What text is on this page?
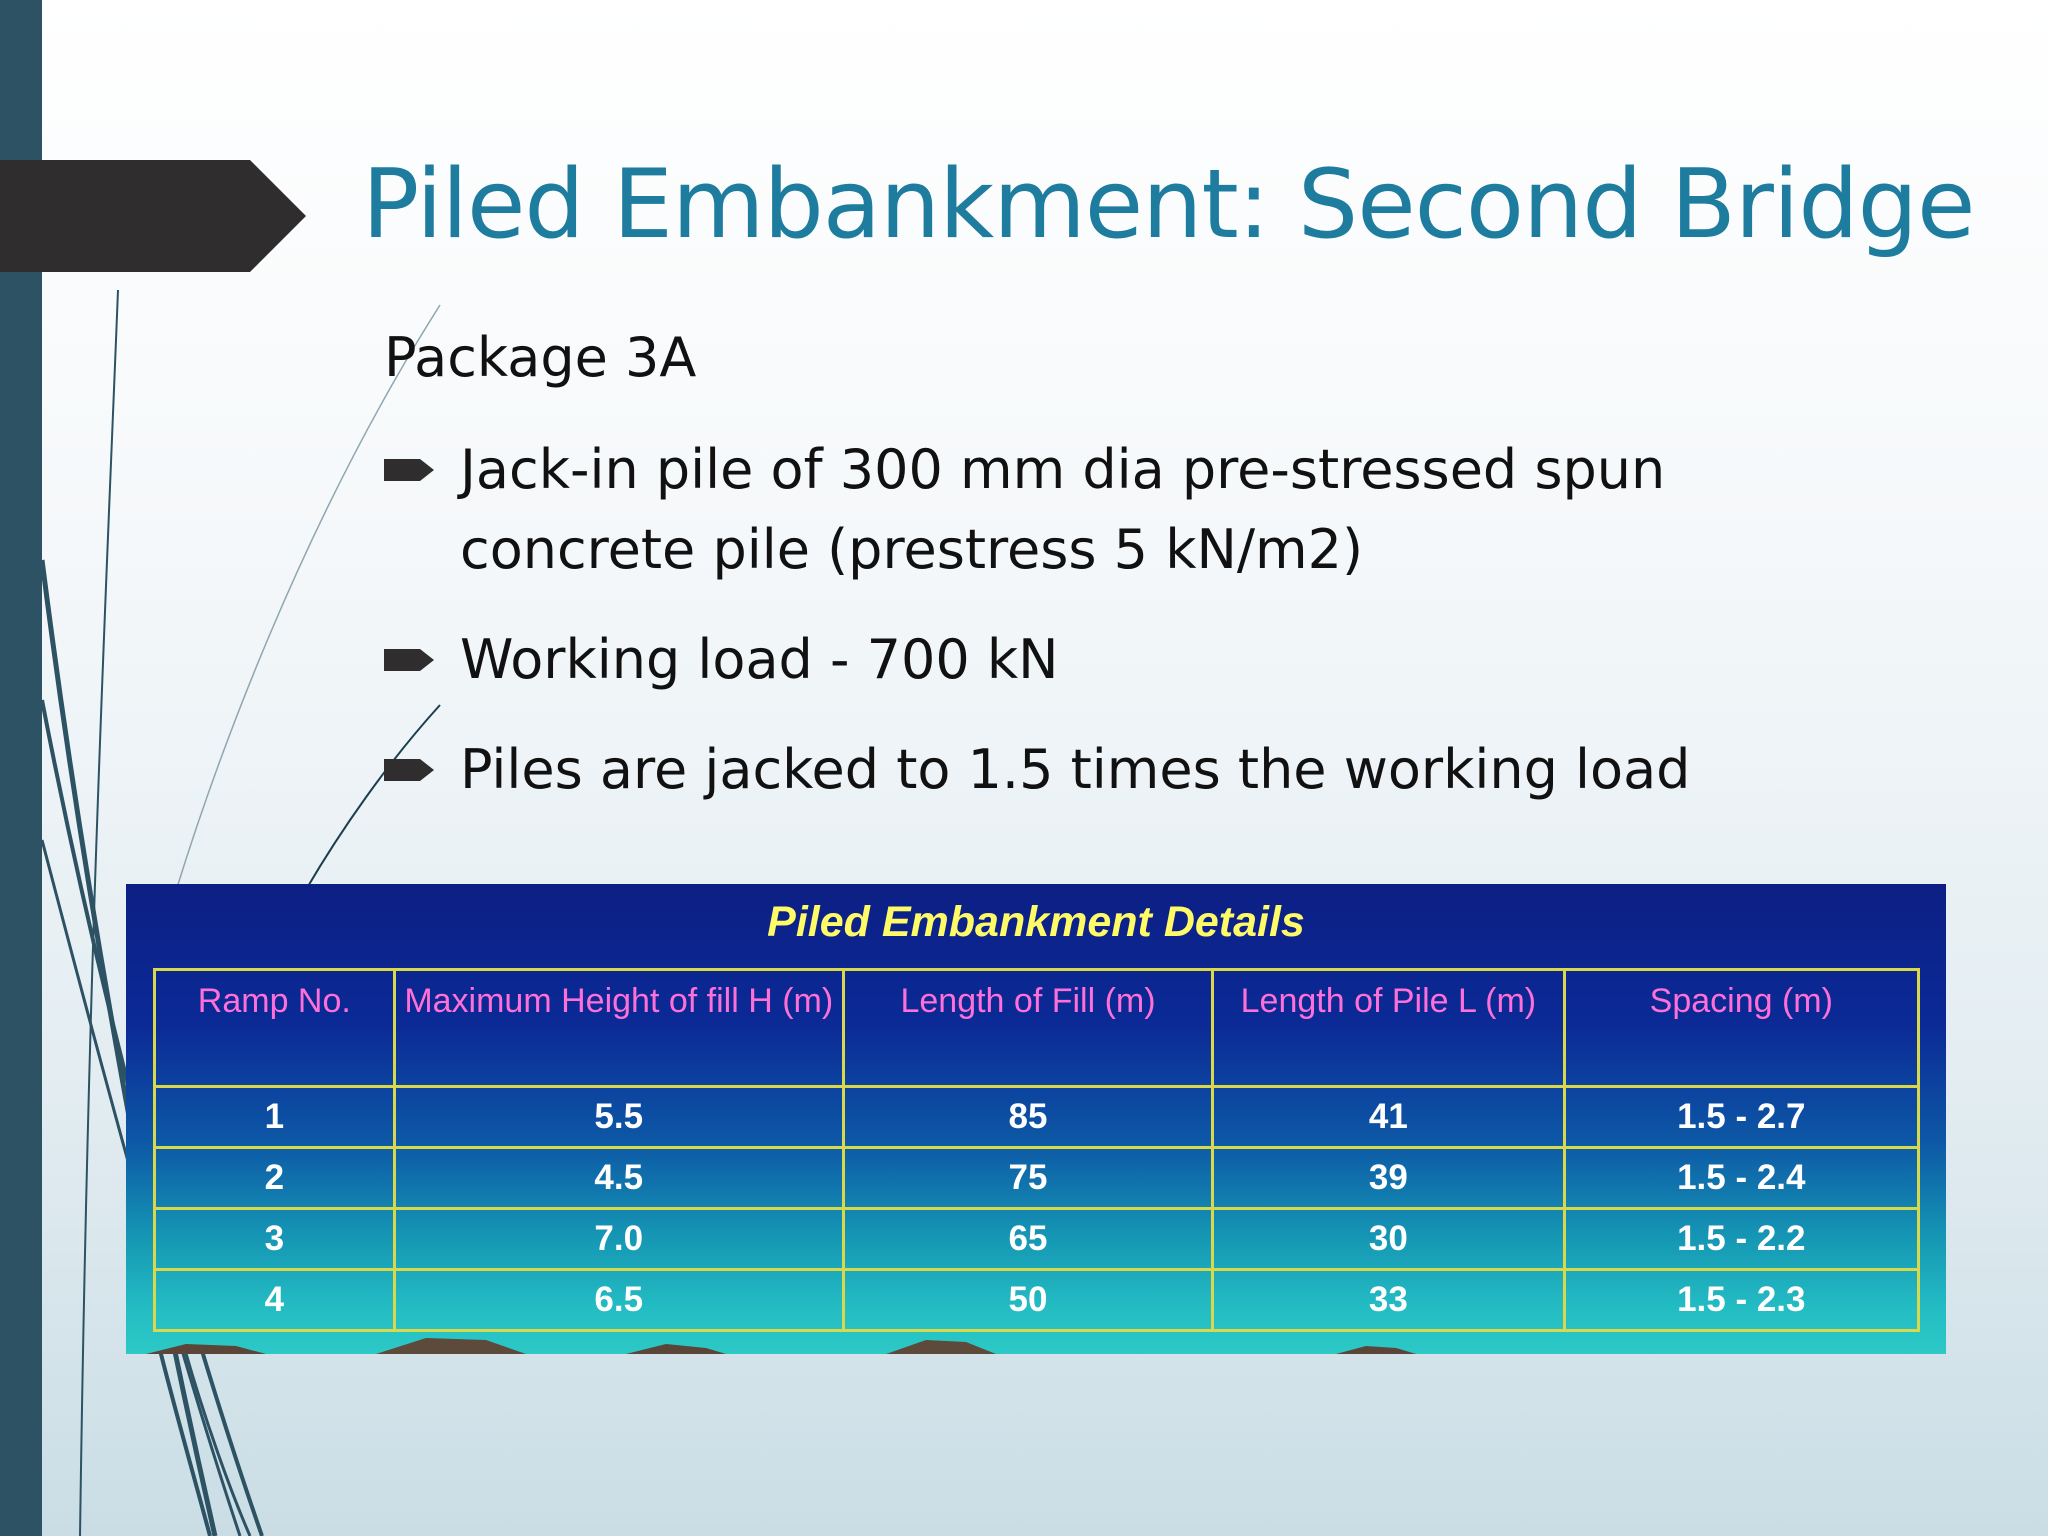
Piled Embankment: Second Bridge
Package 3A
Jack-in pile of 300 mm dia pre-stressed spun concrete pile (prestress 5 kN/m2)
Working load - 700 kN
Piles are jacked to 1.5 times the working load
Piled Embankment Details
Ramp No.	Maximum Height of fill H (m)	Length of Fill (m)	Length of Pile L (m)	Spacing (m)
1	5.5	85	41	1.5 - 2.7
2	4.5	75	39	1.5 - 2.4
3	7.0	65	30	1.5 - 2.2
4	6.5	50	33	1.5 - 2.3
